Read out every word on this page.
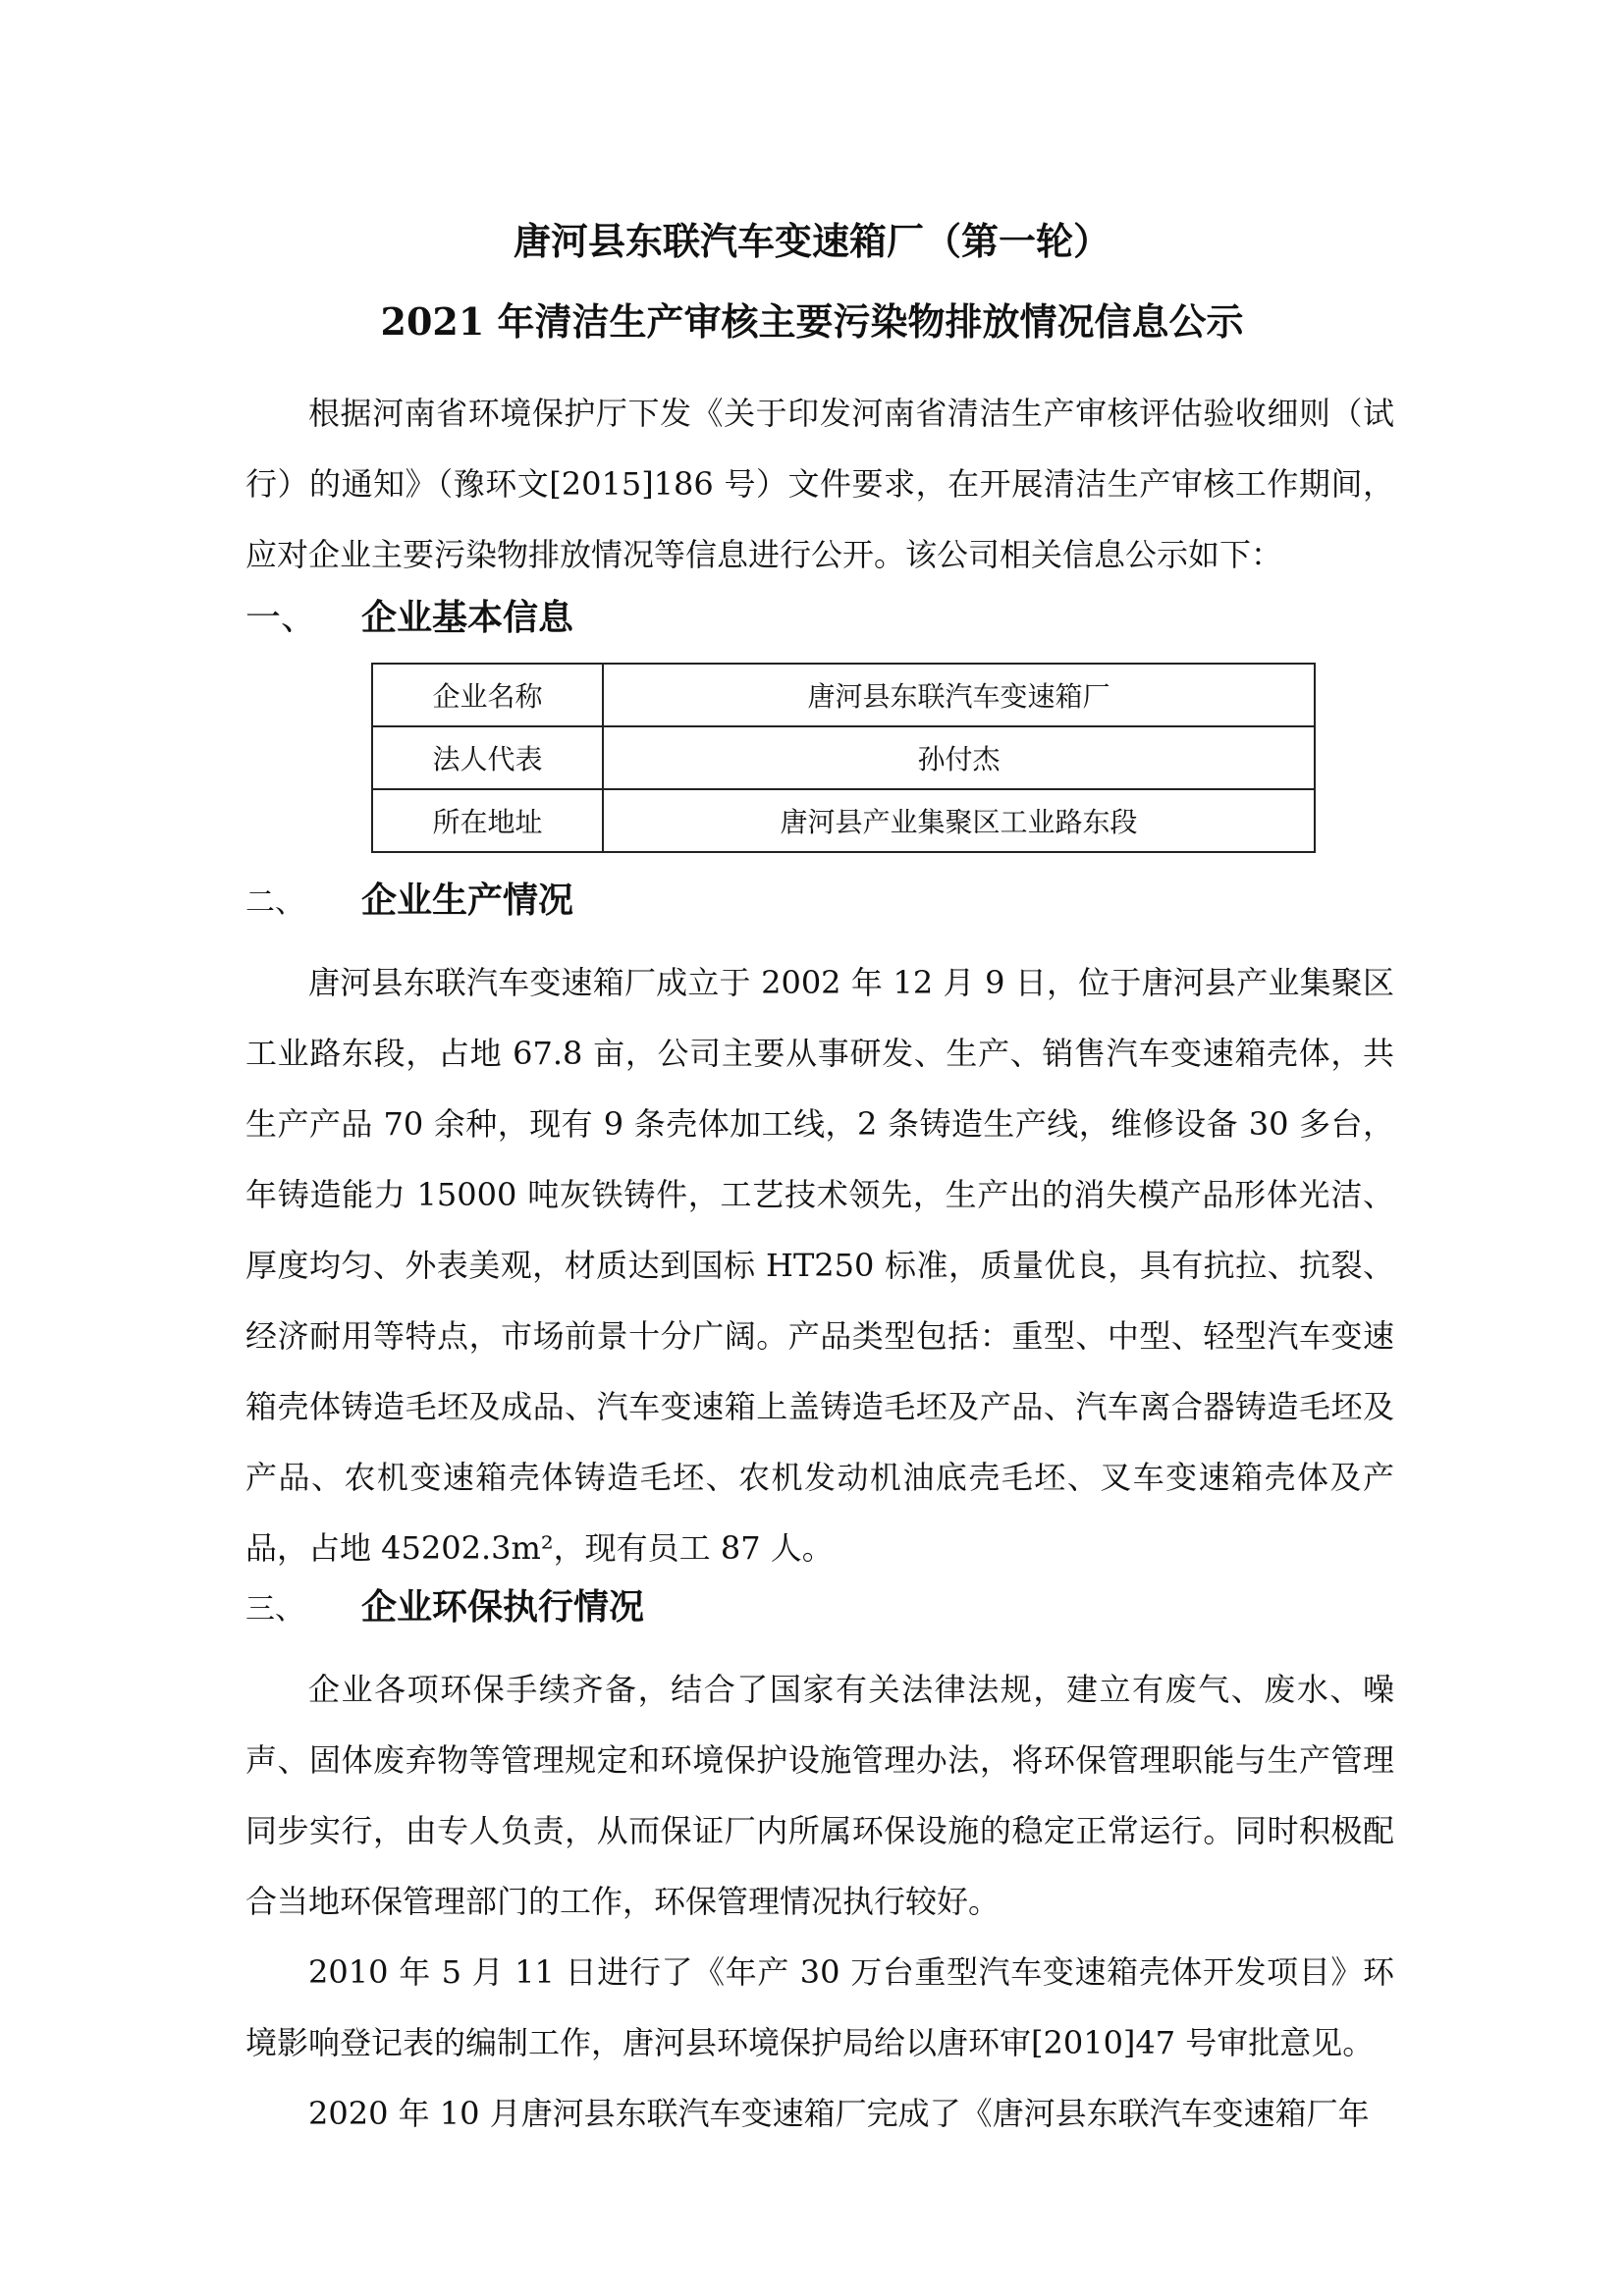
唐河县东联汽车变速箱厂（第一轮）
2021 年清洁生产审核主要污染物排放情况信息公示
根据河南省环境保护厅下发《关于印发河南省清洁生产审核评估验收细则（试行）的通知》（豫环文[2015]186 号）文件要求，在开展清洁生产审核工作期间，应对企业主要污染物排放情况等信息进行公开。该公司相关信息公示如下：
一、 企业基本信息
企业名称	唐河县东联汽车变速箱厂
法人代表	孙付杰
所在地址	唐河县产业集聚区工业路东段
二、 企业生产情况
唐河县东联汽车变速箱厂成立于 2002 年 12 月 9 日，位于唐河县产业集聚区工业路东段，占地 67.8 亩，公司主要从事研发、生产、销售汽车变速箱壳体，共生产产品 70 余种，现有 9 条壳体加工线，2 条铸造生产线，维修设备 30 多台，年铸造能力 15000 吨灰铁铸件，工艺技术领先，生产出的消失模产品形体光洁、厚度均匀、外表美观，材质达到国标 HT250 标准，质量优良，具有抗拉、抗裂、经济耐用等特点，市场前景十分广阔。产品类型包括：重型、中型、轻型汽车变速箱壳体铸造毛坯及成品、汽车变速箱上盖铸造毛坯及产品、汽车离合器铸造毛坯及产品、农机变速箱壳体铸造毛坯、农机发动机油底壳毛坯、叉车变速箱壳体及产品，占地 45202.3m²，现有员工 87 人。
三、 企业环保执行情况
企业各项环保手续齐备，结合了国家有关法律法规，建立有废气、废水、噪声、固体废弃物等管理规定和环境保护设施管理办法，将环保管理职能与生产管理同步实行，由专人负责，从而保证厂内所属环保设施的稳定正常运行。同时积极配合当地环保管理部门的工作，环保管理情况执行较好。
2010 年 5 月 11 日进行了《年产 30 万台重型汽车变速箱壳体开发项目》环境影响登记表的编制工作，唐河县环境保护局给以唐环审[2010]47 号审批意见。
2020 年 10 月唐河县东联汽车变速箱厂完成了《唐河县东联汽车变速箱厂年
